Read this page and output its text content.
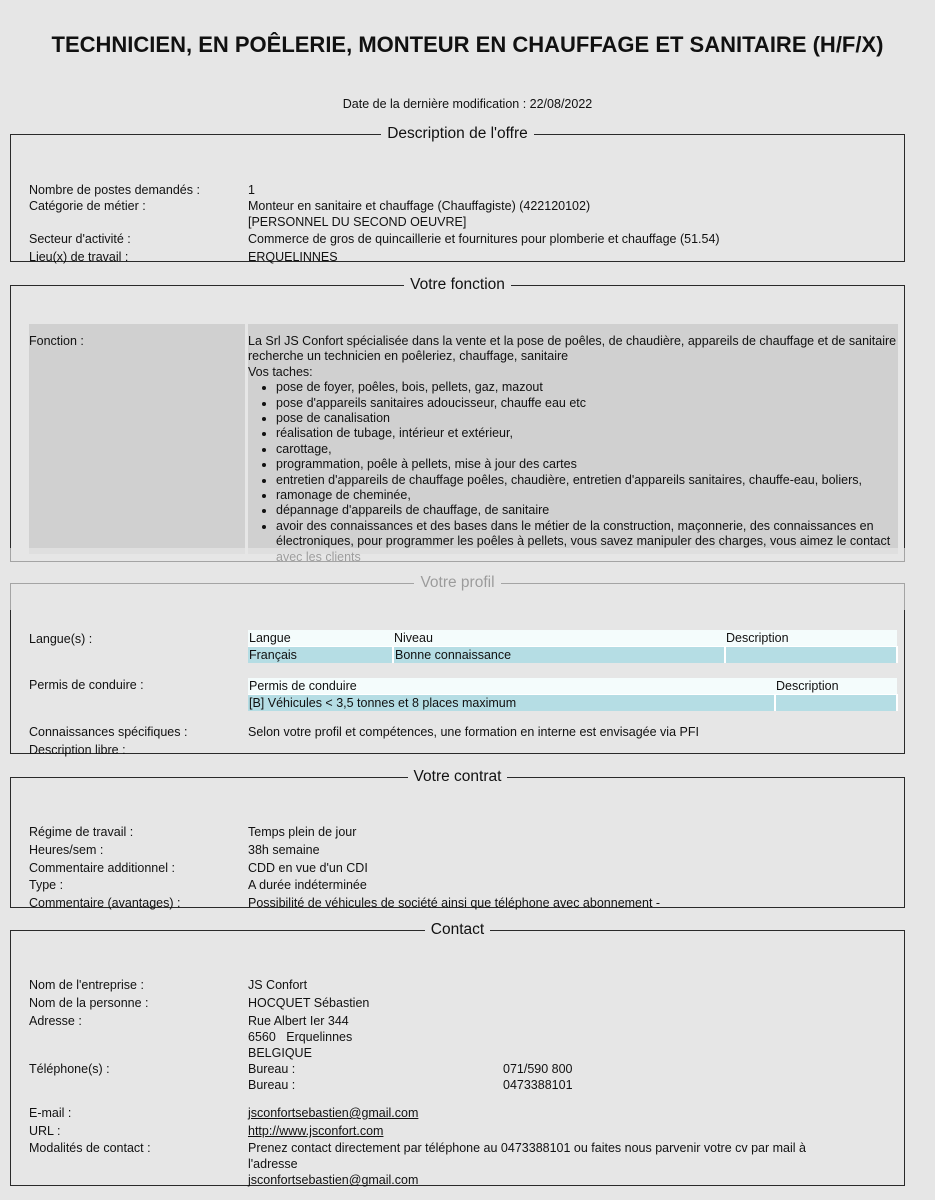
TECHNICIEN, EN POÊLERIE, MONTEUR EN CHAUFFAGE ET SANITAIRE (H/F/X)
Date de la dernière modification : 22/08/2022
Description de l'offre
Nombre de postes demandés :	1
Catégorie de métier :	Monteur en sanitaire et chauffage (Chauffagiste) (422120102)
[PERSONNEL DU SECOND OEUVRE]
Secteur d'activité :	Commerce de gros de quincaillerie et fournitures pour plomberie et chauffage (51.54)
Lieu(x) de travail :	ERQUELINNES
Votre fonction
Fonction :	La Srl JS Confort spécialisée dans la vente et la pose de poêles, de chaudière, appareils de chauffage et de sanitaire recherche un technicien en poêleriez, chauffage, sanitaire
Vos taches:
• pose de foyer, poêles, bois, pellets, gaz, mazout
• pose d'appareils sanitaires adoucisseur, chauffe eau etc
• pose de canalisation
• réalisation de tubage, intérieur et extérieur,
• carottage,
• programmation, poêle à pellets, mise à jour des cartes
• entretien d'appareils de chauffage poêles, chaudière, entretien d'appareils sanitaires, chauffe-eau, boliers,
• ramonage de cheminée,
• dépannage d'appareils de chauffage, de sanitaire
• avoir des connaissances et des bases dans le métier de la construction, maçonnerie, des connaissances en électroniques, pour programmer les poêles à pellets, vous savez manipuler des charges, vous aimez le contact
Langue(s) :	Langue	Niveau	Description
Français	Bonne connaissance	
Permis de conduire :	Permis de conduire	Description
[B] Véhicules < 3,5 tonnes et 8 places maximum	
Connaissances spécifiques :	Selon votre profil et compétences, une formation en interne est envisagée via PFI
Description libre :
Votre contrat
Régime de travail :	Temps plein de jour
Heures/sem :	38h semaine
Commentaire additionnel :	CDD en vue d'un CDI
Type :	A durée indéterminée
Commentaire (avantages) :	Possibilité de véhicules de société ainsi que téléphone avec abonnement -
Contact
Nom de l'entreprise :	JS Confort
Nom de la personne :	HOCQUET Sébastien
Adresse :	Rue Albert Ier 344
6560   Erquelinnes
BELGIQUE
Téléphone(s) :	Bureau :	071/590 800
Bureau :	0473388101
E-mail :	jsconfortsebastien@gmail.com
URL :	http://www.jsconfort.com
Modalités de contact :	Prenez contact directement par téléphone au 0473388101 ou faites nous parvenir votre cv par mail à
l'adresse
jsconfortsebastien@gmail.com
